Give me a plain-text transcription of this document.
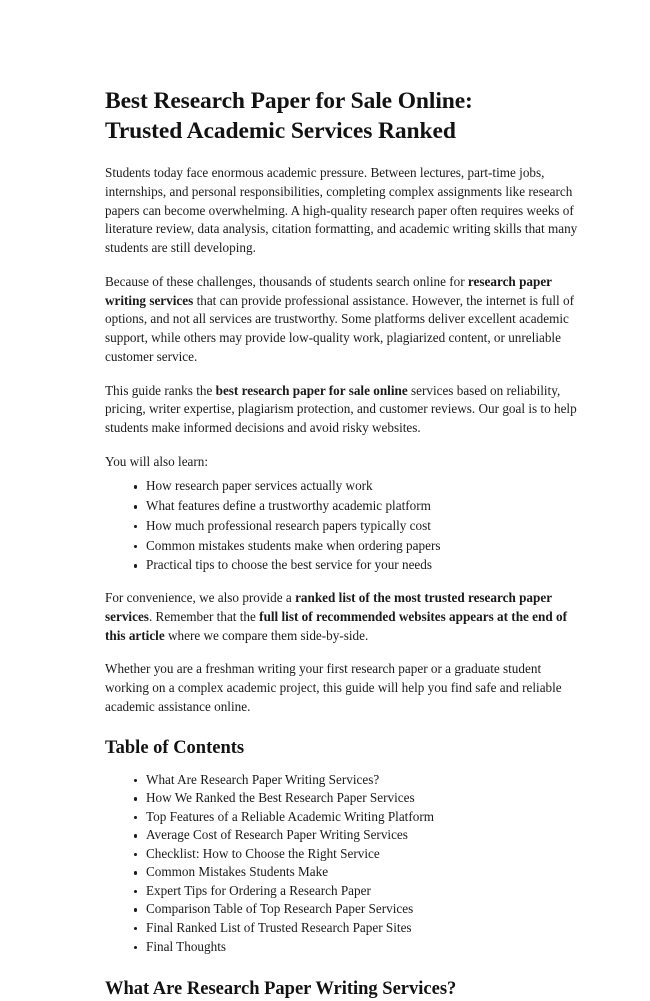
Best Research Paper for Sale Online:
Trusted Academic Services Ranked

Students today face enormous academic pressure. Between lectures, part-time jobs, internships, and personal responsibilities, completing complex assignments like research papers can become overwhelming. A high-quality research paper often requires weeks of literature review, data analysis, citation formatting, and academic writing skills that many students are still developing.

Because of these challenges, thousands of students search online for research paper writing services that can provide professional assistance. However, the internet is full of options, and not all services are trustworthy. Some platforms deliver excellent academic support, while others may provide low-quality work, plagiarized content, or unreliable customer service.

This guide ranks the best research paper for sale online services based on reliability, pricing, writer expertise, plagiarism protection, and customer reviews. Our goal is to help students make informed decisions and avoid risky websites.

You will also learn:

How research paper services actually work
What features define a trustworthy academic platform
How much professional research papers typically cost
Common mistakes students make when ordering papers
Practical tips to choose the best service for your needs

For convenience, we also provide a ranked list of the most trusted research paper services. Remember that the full list of recommended websites appears at the end of this article where we compare them side-by-side.

Whether you are a freshman writing your first research paper or a graduate student working on a complex academic project, this guide will help you find safe and reliable academic assistance online.

Table of Contents
What Are Research Paper Writing Services?
How We Ranked the Best Research Paper Services
Top Features of a Reliable Academic Writing Platform
Average Cost of Research Paper Writing Services
Checklist: How to Choose the Right Service
Common Mistakes Students Make
Expert Tips for Ordering a Research Paper
Comparison Table of Top Research Paper Services
Final Ranked List of Trusted Research Paper Sites
Final Thoughts
What Are Research Paper Writing Services?
